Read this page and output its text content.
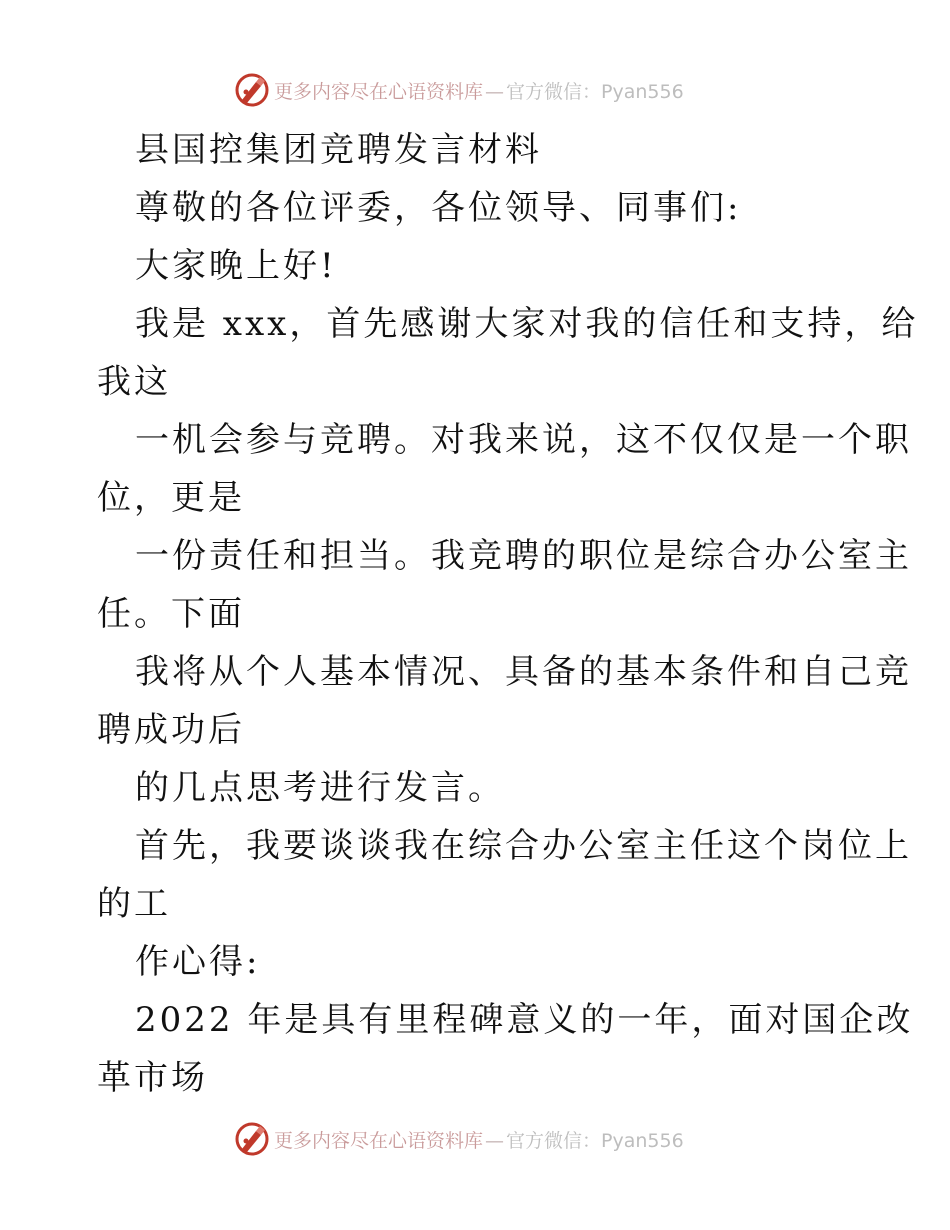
更多内容尽在心语资料库 — 官方微信：Pyan556
县国控集团竞聘发言材料
尊敬的各位评委，各位领导、同事们:
大家晚上好!
我是 xxx，首先感谢大家对我的信任和支持，给
我这
一机会参与竞聘。对我来说，这不仅仅是一个职
位，更是
一份责任和担当。我竞聘的职位是综合办公室主
任。下面
我将从个人基本情况、具备的基本条件和自己竞
聘成功后
的几点思考进行发言。
首先，我要谈谈我在综合办公室主任这个岗位上
的工
作心得:
2022 年是具有里程碑意义的一年，面对国企改
革市场
更多内容尽在心语资料库 — 官方微信：Pyan556
